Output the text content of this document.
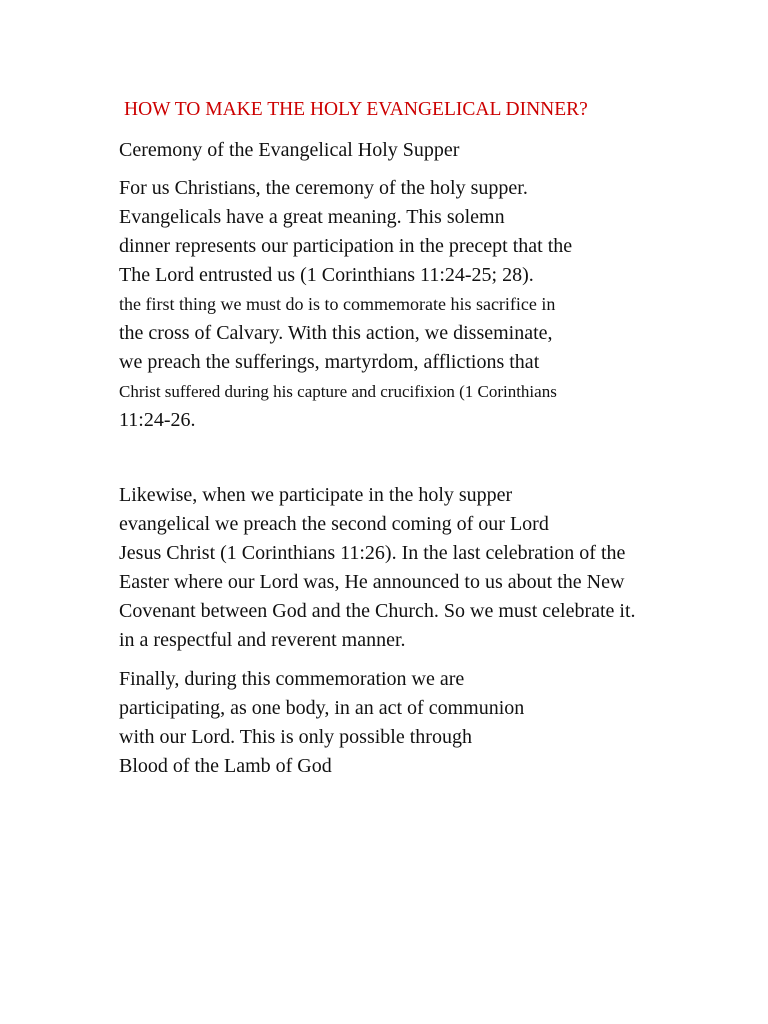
HOW TO MAKE THE HOLY EVANGELICAL DINNER?
Ceremony of the Evangelical Holy Supper
For us Christians, the ceremony of the holy supper.
Evangelicals have a great meaning. This solemn
dinner represents our participation in the precept that the
The Lord entrusted us (1 Corinthians 11:24-25; 28).
the first thing we must do is to commemorate his sacrifice in
the cross of Calvary. With this action, we disseminate,
we preach the sufferings, martyrdom, afflictions that
Christ suffered during his capture and crucifixion (1 Corinthians
11:24-26.
Likewise, when we participate in the holy supper
evangelical we preach the second coming of our Lord
Jesus Christ (1 Corinthians 11:26). In the last celebration of the
Easter where our Lord was, He announced to us about the New
Covenant between God and the Church. So we must celebrate it.
in a respectful and reverent manner.
Finally, during this commemoration we are
participating, as one body, in an act of communion
with our Lord. This is only possible through
Blood of the Lamb of God
